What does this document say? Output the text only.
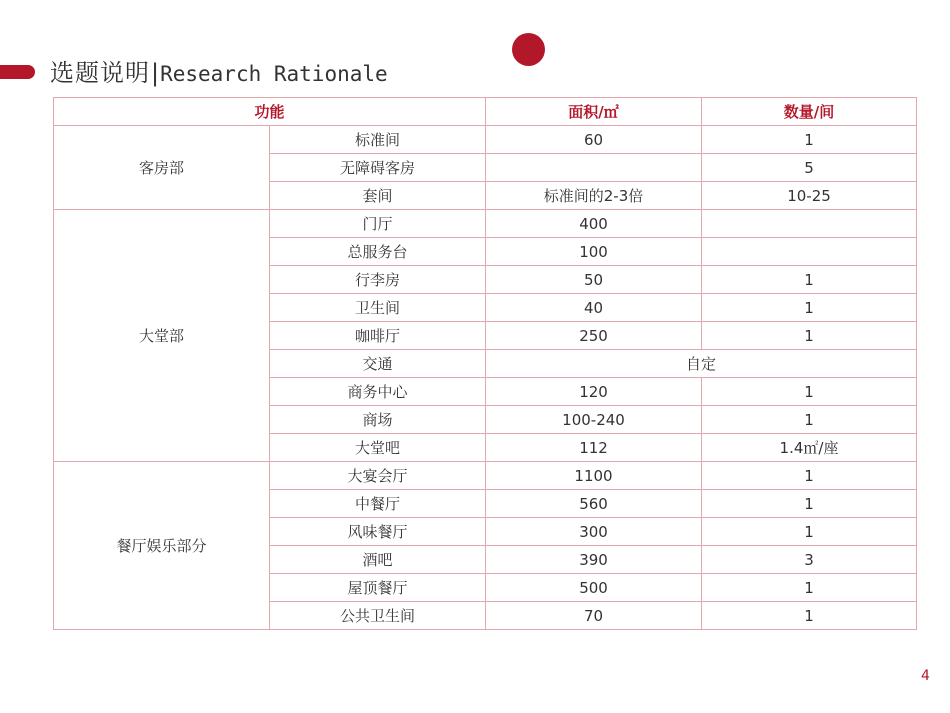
选题说明|Research Rationale
功能		面积/㎡	数量/间
客房部	标准间	60	1
	无障碍客房		5
	套间	标准间的2-3倍	10-25
大堂部	门厅	400	
	总服务台	100	
	行李房	50	1
	卫生间	40	1
	咖啡厅	250	1
	交通	自定	
	商务中心	120	1
	商场	100-240	1
	大堂吧	112	1.4㎡/座
餐厅娱乐部分	大宴会厅	1100	1
	中餐厅	560	1
	风味餐厅	300	1
	酒吧	390	3
	屋顶餐厅	500	1
	公共卫生间	70	1
4
